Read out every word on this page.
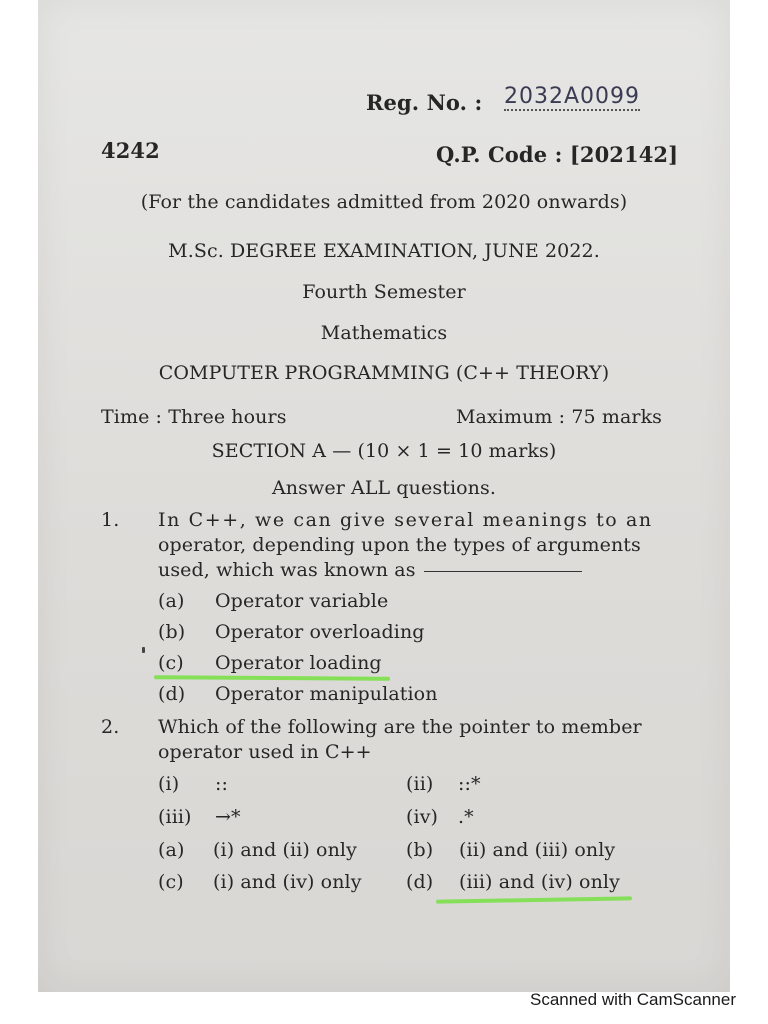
Reg. No. : 2032A0099
4242	Q.P. Code : [202142]
(For the candidates admitted from 2020 onwards)
M.Sc. DEGREE EXAMINATION, JUNE 2022.
Fourth Semester
Mathematics
COMPUTER PROGRAMMING (C++ THEORY)
Time : Three hours	Maximum : 75 marks
SECTION A — (10 × 1 = 10 marks)
Answer ALL questions.
1. In C++, we can give several meanings to an
operator, depending upon the types of arguments
used, which was known as
(a) Operator variable
(b) Operator overloading
(c) Operator loading
(d) Operator manipulation
2. Which of the following are the pointer to member
operator used in C++
(i) ::	(ii) ::*
(iii) →*	(iv) .*
(a) (i) and (ii) only	(b) (ii) and (iii) only
(c) (i) and (iv) only (d) (iii) and (iv) only
Scanned with CamScanner
